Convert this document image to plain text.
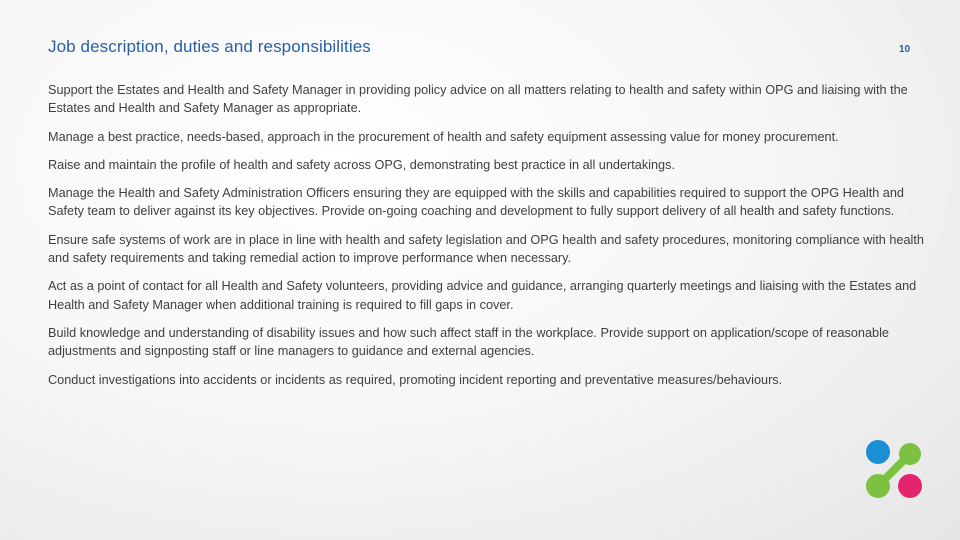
Job description, duties and responsibilities	10

Support the Estates and Health and Safety Manager in providing policy advice on all matters relating to health and safety within OPG and liaising with the Estates and Health and Safety Manager as appropriate.

Manage a best practice, needs-based, approach in the procurement of health and safety equipment assessing value for money procurement.

Raise and maintain the profile of health and safety across OPG, demonstrating best practice in all undertakings.

Manage the Health and Safety Administration Officers ensuring they are equipped with the skills and capabilities required to support the OPG Health and Safety team to deliver against its key objectives. Provide on-going coaching and development to fully support delivery of all health and safety functions.

Ensure safe systems of work are in place in line with health and safety legislation and OPG health and safety procedures, monitoring compliance with health and safety requirements and taking remedial action to improve performance when necessary.

Act as a point of contact for all Health and Safety volunteers, providing advice and guidance, arranging quarterly meetings and liaising with the Estates and Health and Safety Manager when additional training is required to fill gaps in cover.

Build knowledge and understanding of disability issues and how such affect staff in the workplace. Provide support on application/scope of reasonable adjustments and signposting staff or line managers to guidance and external agencies.

Conduct investigations into accidents or incidents as required, promoting incident reporting and preventative measures/behaviours.
